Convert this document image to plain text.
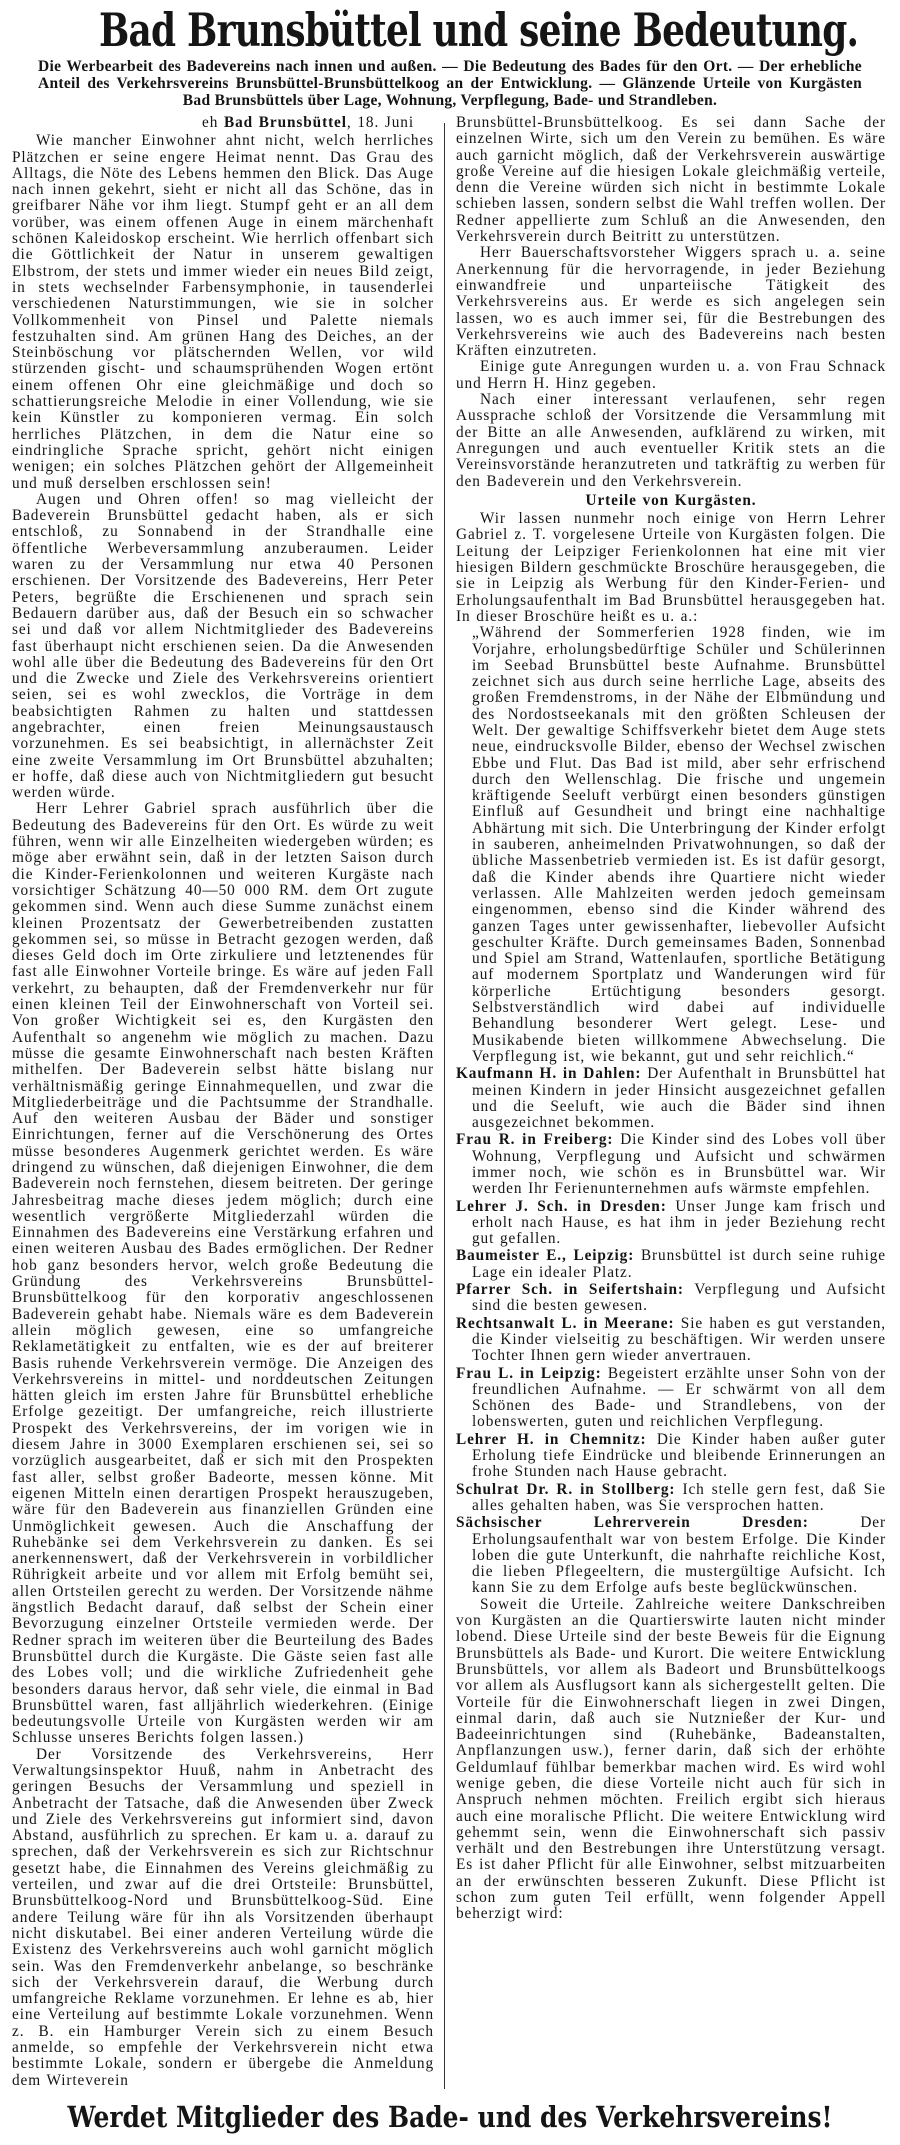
Bad Brunsbüttel und seine Bedeutung.
Die Werbearbeit des Badevereins nach innen und außen. — Die Bedeutung des Bades für den Ort. — Der erhebliche Anteil des Verkehrsvereins Brunsbüttel-Brunsbüttelkoog an der Entwicklung. — Glänzende Urteile von Kurgästen Bad Brunsbüttels über Lage, Wohnung, Verpflegung, Bade- und Strandleben.

eh Bad Brunsbüttel, 18. Juni

Wie mancher Einwohner ahnt nicht, welch herrliches Plätzchen er seine engere Heimat nennt. Das Grau des Alltags, die Nöte des Lebens hemmen den Blick. Das Auge nach innen gekehrt, sieht er nicht all das Schöne, das in greifbarer Nähe vor ihm liegt. Stumpf geht er an all dem vorüber, was einem offenen Auge in einem märchenhaft schönen Kaleidoskop erscheint. Wie herrlich offenbart sich die Göttlichkeit der Natur in unserem gewaltigen Elbstrom, der stets und immer wieder ein neues Bild zeigt, in stets wechselnder Farbensymphonie, in tausenderlei verschiedenen Naturstimmungen, wie sie in solcher Vollkommenheit von Pinsel und Palette niemals festzuhalten sind. Am grünen Hang des Deiches, an der Steinböschung vor plätschernden Wellen, vor wild stürzenden gischt- und schaumsprühenden Wogen ertönt einem offenen Ohr eine gleichmäßige und doch so schattierungsreiche Melodie in einer Vollendung, wie sie kein Künstler zu komponieren vermag. Ein solch herrliches Plätzchen, in dem die Natur eine so eindringliche Sprache spricht, gehört nicht einigen wenigen; ein solches Plätzchen gehört der Allgemeinheit und muß derselben erschlossen sein!

Augen und Ohren offen! so mag vielleicht der Badeverein Brunsbüttel gedacht haben, als er sich entschloß, zu Sonnabend in der Strandhalle eine öffentliche Werbeversammlung anzuberaumen. Leider waren zu der Versammlung nur etwa 40 Personen erschienen. Der Vorsitzende des Badevereins, Herr Peter Peters, begrüßte die Erschienenen und sprach sein Bedauern darüber aus, daß der Besuch ein so schwacher sei und daß vor allem Nichtmitglieder des Badevereins fast überhaupt nicht erschienen seien. Da die Anwesenden wohl alle über die Bedeutung des Badevereins für den Ort und die Zwecke und Ziele des Verkehrsvereins orientiert seien, sei es wohl zwecklos, die Vorträge in dem beabsichtigten Rahmen zu halten und stattdessen angebrachter, einen freien Meinungsaustausch vorzunehmen. Es sei beabsichtigt, in allernächster Zeit eine zweite Versammlung im Ort Brunsbüttel abzuhalten; er hoffe, daß diese auch von Nichtmitgliedern gut besucht werden würde.

Herr Lehrer Gabriel sprach ausführlich über die Bedeutung des Badevereins für den Ort. Es würde zu weit führen, wenn wir alle Einzelheiten wiedergeben würden; es möge aber erwähnt sein, daß in der letzten Saison durch die Kinder-Ferienkolonnen und weiteren Kurgäste nach vorsichtiger Schätzung 40—50 000 RM. dem Ort zugute gekommen sind. Wenn auch diese Summe zunächst einem kleinen Prozentsatz der Gewerbetreibenden zustatten gekommen sei, so müsse in Betracht gezogen werden, daß dieses Geld doch im Orte zirkuliere und letztenendes für fast alle Einwohner Vorteile bringe. Es wäre auf jeden Fall verkehrt, zu behaupten, daß der Fremdenverkehr nur für einen kleinen Teil der Einwohnerschaft von Vorteil sei. Von großer Wichtigkeit sei es, den Kurgästen den Aufenthalt so angenehm wie möglich zu machen. Dazu müsse die gesamte Einwohnerschaft nach besten Kräften mithelfen. Der Badeverein selbst hätte bislang nur verhältnismäßig geringe Einnahmequellen, und zwar die Mitgliederbeiträge und die Pachtsumme der Strandhalle. Auf den weiteren Ausbau der Bäder und sonstiger Einrichtungen, ferner auf die Verschönerung des Ortes müsse besonderes Augenmerk gerichtet werden. Es wäre dringend zu wünschen, daß diejenigen Einwohner, die dem Badeverein noch fernstehen, diesem beitreten. Der geringe Jahresbeitrag mache dieses jedem möglich; durch eine wesentlich vergrößerte Mitgliederzahl würden die Einnahmen des Badevereins eine Verstärkung erfahren und einen weiteren Ausbau des Bades ermöglichen. Der Redner hob ganz besonders hervor, welch große Bedeutung die Gründung des Verkehrsvereins Brunsbüttel-Brunsbüttelkoog für den korporativ angeschlossenen Badeverein gehabt habe. Niemals wäre es dem Badeverein allein möglich gewesen, eine so umfangreiche Reklametätigkeit zu entfalten, wie es der auf breiterer Basis ruhende Verkehrsverein vermöge. Die Anzeigen des Verkehrsvereins in mittel- und norddeutschen Zeitungen hätten gleich im ersten Jahre für Brunsbüttel erhebliche Erfolge gezeitigt. Der umfangreiche, reich illustrierte Prospekt des Verkehrsvereins, der im vorigen wie in diesem Jahre in 3000 Exemplaren erschienen sei, sei so vorzüglich ausgearbeitet, daß er sich mit den Prospekten fast aller, selbst großer Badeorte, messen könne. Mit eigenen Mitteln einen derartigen Prospekt herauszugeben, wäre für den Badeverein aus finanziellen Gründen eine Unmöglichkeit gewesen. Auch die Anschaffung der Ruhebänke sei dem Verkehrsverein zu danken. Es sei anerkennenswert, daß der Verkehrsverein in vorbildlicher Rührigkeit arbeite und vor allem mit Erfolg bemüht sei, allen Ortsteilen gerecht zu werden. Der Vorsitzende nähme ängstlich Bedacht darauf, daß selbst der Schein einer Bevorzugung einzelner Ortsteile vermieden werde. Der Redner sprach im weiteren über die Beurteilung des Bades Brunsbüttel durch die Kurgäste. Die Gäste seien fast alle des Lobes voll; und die wirkliche Zufriedenheit gehe besonders daraus hervor, daß sehr viele, die einmal in Bad Brunsbüttel waren, fast alljährlich wiederkehren. (Einige bedeutungsvolle Urteile von Kurgästen werden wir am Schlusse unseres Berichts folgen lassen.)

Der Vorsitzende des Verkehrsvereins, Herr Verwaltungsinspektor Huuß, nahm in Anbetracht des geringen Besuchs der Versammlung und speziell in Anbetracht der Tatsache, daß die Anwesenden über Zweck und Ziele des Verkehrsvereins gut informiert sind, davon Abstand, ausführlich zu sprechen. Er kam u. a. darauf zu sprechen, daß der Verkehrsverein es sich zur Richtschnur gesetzt habe, die Einnahmen des Vereins gleichmäßig zu verteilen, und zwar auf die drei Ortsteile: Brunsbüttel, Brunsbüttelkoog-Nord und Brunsbüttelkoog-Süd. Eine andere Teilung wäre für ihn als Vorsitzenden überhaupt nicht diskutabel. Bei einer anderen Verteilung würde die Existenz des Verkehrsvereins auch wohl garnicht möglich sein. Was den Fremdenverkehr anbelange, so beschränke sich der Verkehrsverein darauf, die Werbung durch umfangreiche Reklame vorzunehmen. Er lehne es ab, hier eine Verteilung auf bestimmte Lokale vorzunehmen. Wenn z. B. ein Hamburger Verein sich zu einem Besuch anmelde, so empfehle der Verkehrsverein nicht etwa bestimmte Lokale, sondern er übergebe die Anmeldung dem Wirteverein

Brunsbüttel-Brunsbüttelkoog. Es sei dann Sache der einzelnen Wirte, sich um den Verein zu bemühen. Es wäre auch garnicht möglich, daß der Verkehrsverein auswärtige große Vereine auf die hiesigen Lokale gleichmäßig verteile, denn die Vereine würden sich nicht in bestimmte Lokale schieben lassen, sondern selbst die Wahl treffen wollen. Der Redner appellierte zum Schluß an die Anwesenden, den Verkehrsverein durch Beitritt zu unterstützen.

Herr Bauerschaftsvorsteher Wiggers sprach u. a. seine Anerkennung für die hervorragende, in jeder Beziehung einwandfreie und unparteiische Tätigkeit des Verkehrsvereins aus. Er werde es sich angelegen sein lassen, wo es auch immer sei, für die Bestrebungen des Verkehrsvereins wie auch des Badevereins nach besten Kräften einzutreten.

Einige gute Anregungen wurden u. a. von Frau Schnack und Herrn H. Hinz gegeben.

Nach einer interessant verlaufenen, sehr regen Aussprache schloß der Vorsitzende die Versammlung mit der Bitte an alle Anwesenden, aufklärend zu wirken, mit Anregungen und auch eventueller Kritik stets an die Vereinsvorstände heranzutreten und tatkräftig zu werben für den Badeverein und den Verkehrsverein.

Urteile von Kurgästen.

Wir lassen nunmehr noch einige von Herrn Lehrer Gabriel z. T. vorgelesene Urteile von Kurgästen folgen. Die Leitung der Leipziger Ferienkolonnen hat eine mit vier hiesigen Bildern geschmückte Broschüre herausgegeben, die sie in Leipzig als Werbung für den Kinder-Ferien- und Erholungsaufenthalt im Bad Brunsbüttel herausgegeben hat. In dieser Broschüre heißt es u. a.:

„Während der Sommerferien 1928 finden, wie im Vorjahre, erholungsbedürftige Schüler und Schülerinnen im Seebad Brunsbüttel beste Aufnahme. Brunsbüttel zeichnet sich aus durch seine herrliche Lage, abseits des großen Fremdenstroms, in der Nähe der Elbmündung und des Nordostseekanals mit den größten Schleusen der Welt. Der gewaltige Schiffsverkehr bietet dem Auge stets neue, eindrucksvolle Bilder, ebenso der Wechsel zwischen Ebbe und Flut. Das Bad ist mild, aber sehr erfrischend durch den Wellenschlag. Die frische und ungemein kräftigende Seeluft verbürgt einen besonders günstigen Einfluß auf Gesundheit und bringt eine nachhaltige Abhärtung mit sich. Die Unterbringung der Kinder erfolgt in sauberen, anheimelnden Privatwohnungen, so daß der übliche Massenbetrieb vermieden ist. Es ist dafür gesorgt, daß die Kinder abends ihre Quartiere nicht wieder verlassen. Alle Mahlzeiten werden jedoch gemeinsam eingenommen, ebenso sind die Kinder während des ganzen Tages unter gewissenhafter, liebevoller Aufsicht geschulter Kräfte. Durch gemeinsames Baden, Sonnenbad und Spiel am Strand, Wattenlaufen, sportliche Betätigung auf modernem Sportplatz und Wanderungen wird für körperliche Ertüchtigung besonders gesorgt. Selbstverständlich wird dabei auf individuelle Behandlung besonderer Wert gelegt. Lese- und Musikabende bieten willkommene Abwechselung. Die Verpflegung ist, wie bekannt, gut und sehr reichlich.“

Kaufmann H. in Dahlen: Der Aufenthalt in Brunsbüttel hat meinen Kindern in jeder Hinsicht ausgezeichnet gefallen und die Seeluft, wie auch die Bäder sind ihnen ausgezeichnet bekommen.

Frau R. in Freiberg: Die Kinder sind des Lobes voll über Wohnung, Verpflegung und Aufsicht und schwärmen immer noch, wie schön es in Brunsbüttel war. Wir werden Ihr Ferienunternehmen aufs wärmste empfehlen.

Lehrer J. Sch. in Dresden: Unser Junge kam frisch und erholt nach Hause, es hat ihm in jeder Beziehung recht gut gefallen.

Baumeister E., Leipzig: Brunsbüttel ist durch seine ruhige Lage ein idealer Platz.

Pfarrer Sch. in Seifertshain: Verpflegung und Aufsicht sind die besten gewesen.

Rechtsanwalt L. in Meerane: Sie haben es gut verstanden, die Kinder vielseitig zu beschäftigen. Wir werden unsere Tochter Ihnen gern wieder anvertrauen.

Frau L. in Leipzig: Begeistert erzählte unser Sohn von der freundlichen Aufnahme. — Er schwärmt von all dem Schönen des Bade- und Strandlebens, von der lobenswerten, guten und reichlichen Verpflegung.

Lehrer H. in Chemnitz: Die Kinder haben außer guter Erholung tiefe Eindrücke und bleibende Erinnerungen an frohe Stunden nach Hause gebracht.

Schulrat Dr. R. in Stollberg: Ich stelle gern fest, daß Sie alles gehalten haben, was Sie versprochen hatten.

Sächsischer Lehrerverein Dresden:	Der Erholungsaufenthalt war von bestem Erfolge. Die Kinder loben die gute Unterkunft, die nahrhafte reichliche Kost, die lieben Pflegeeltern, die mustergültige Aufsicht. Ich kann Sie zu dem Erfolge aufs beste beglückwünschen.

Soweit die Urteile. Zahlreiche weitere Dankschreiben von Kurgästen an die Quartierswirte lauten nicht minder lobend. Diese Urteile sind der beste Beweis für die Eignung Brunsbüttels als Bade- und Kurort. Die weitere Entwicklung Brunsbüttels, vor allem als Badeort und Brunsbüttelkoogs vor allem als Ausflugsort kann als sichergestellt gelten. Die Vorteile für die Einwohnerschaft liegen in zwei Dingen, einmal darin, daß auch sie Nutznießer der Kur- und Badeeinrichtungen sind (Ruhebänke, Badeanstalten, Anpflanzungen usw.), ferner darin, daß sich der erhöhte Geldumlauf fühlbar bemerkbar machen wird. Es wird wohl wenige geben, die diese Vorteile nicht auch für sich in Anspruch nehmen möchten. Freilich ergibt sich hieraus auch eine moralische Pflicht. Die weitere Entwicklung wird gehemmt sein, wenn die Einwohnerschaft sich passiv verhält und den Bestrebungen ihre Unterstützung versagt. Es ist daher Pflicht für alle Einwohner, selbst mitzuarbeiten an der erwünschten besseren Zukunft. Diese Pflicht ist schon zum guten Teil erfüllt, wenn folgender Appell beherzigt wird:

Werdet Mitglieder des Bade- und des Verkehrsvereins!
